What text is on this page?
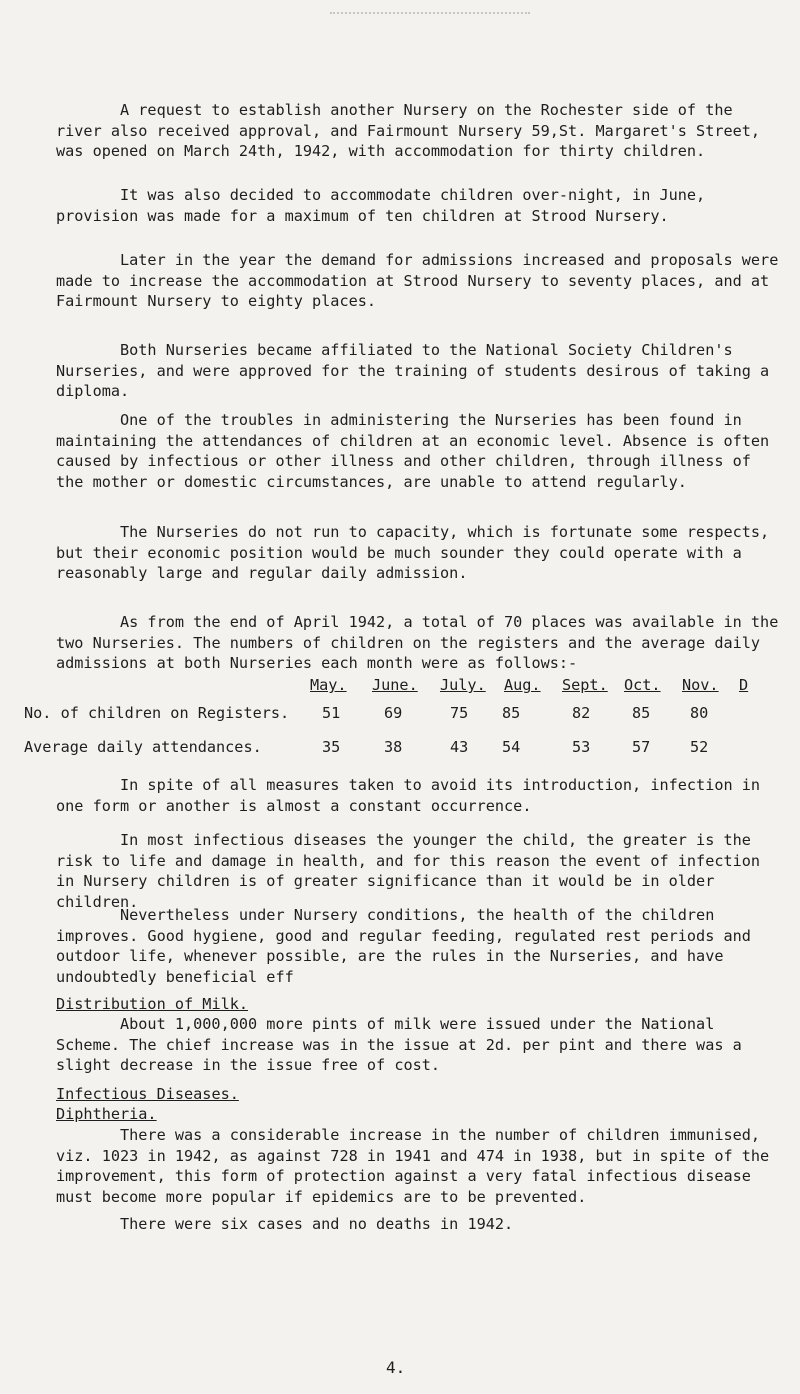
A request to establish another Nursery on the Rochester side of the river also received approval, and Fairmount Nursery 59,St. Margaret's Street, was opened on March 24th, 1942, with accommodation for thirty children.

It was also decided to accommodate children over-night, in June, provision was made for a maximum of ten children at Strood Nursery.

Later in the year the demand for admissions increased and proposals were made to increase the accommodation at Strood Nursery to seventy places, and at Fairmount Nursery to eighty places.

Both Nurseries became affiliated to the National Society Children's Nurseries, and were approved for the training of students desirous of taking a diploma.

One of the troubles in administering the Nurseries has been found in maintaining the attendances of children at an economic level. Absence is often caused by infectious or other illness and other children, through illness of the mother or domestic circumstances, are unable to attend regularly.

The Nurseries do not run to capacity, which is fortunate some respects, but their economic position would be much sounder they could operate with a reasonably large and regular daily admission.

As from the end of April 1942, a total of 70 places was available in the two Nurseries. The numbers of children on the registers and the average daily admissions at both Nurseries each month were as follows:-

May. June. July. Aug. Sept. Oct. Nov. D
No. of children on Registers. 51	69	75 85	82	85	80
Average daily attendances.	35	38	43 54	53	57	52

In spite of all measures taken to avoid its introduction, infection in one form or another is almost a constant occurrence.

In most infectious diseases the younger the child, the greater is the risk to life and damage in health, and for this reason the event of infection in Nursery children is of greater significance than it would be in older children.

Nevertheless under Nursery conditions, the health of the children improves. Good hygiene, good and regular feeding, regulated rest periods and outdoor life, whenever possible, are the rules in the Nurseries, and have undoubtedly beneficial eff

Distribution of Milk.

About 1,000,000 more pints of milk were issued under the National Scheme. The chief increase was in the issue at 2d. per pint and there was a slight decrease in the issue free of cost.

Infectious Diseases.
Diphtheria.

There was a considerable increase in the number of children immunised, viz. 1023 in 1942, as against 728 in 1941 and 474 in 1938, but in spite of the improvement, this form of protection against a very fatal infectious disease must become more popular if epidemics are to be prevented.

There were six cases and no deaths in 1942.

4.
